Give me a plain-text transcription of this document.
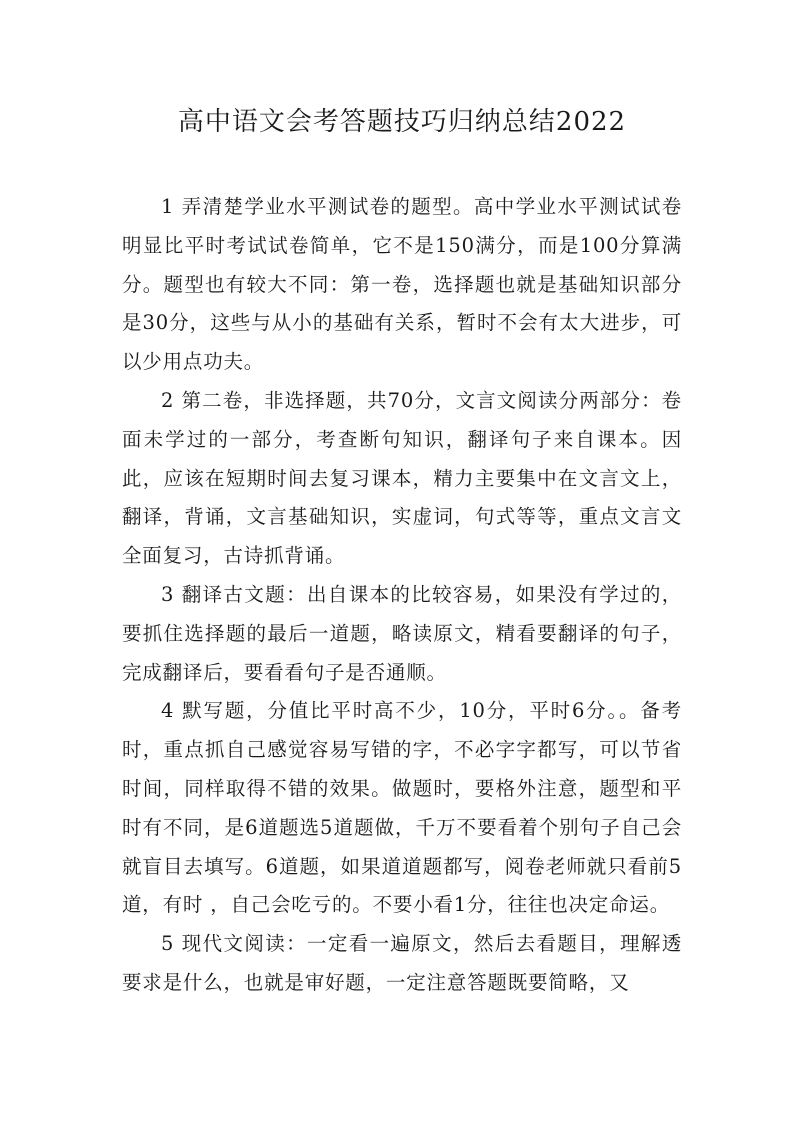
高中语文会考答题技巧归纳总结2022

1 弄清楚学业水平测试卷的题型。高中学业水平测试试卷明显比平时考试试卷简单，它不是150满分，而是100分算满分。题型也有较大不同：第一卷，选择题也就是基础知识部分是30分，这些与从小的基础有关系，暂时不会有太大进步，可以少用点功夫。

2 第二卷，非选择题，共70分，文言文阅读分两部分：卷面未学过的一部分，考查断句知识，翻译句子来自课本。因此，应该在短期时间去复习课本，精力主要集中在文言文上，翻译，背诵，文言基础知识，实虚词，句式等等，重点文言文全面复习，古诗抓背诵。

3 翻译古文题：出自课本的比较容易，如果没有学过的，要抓住选择题的最后一道题，略读原文，精看要翻译的句子，完成翻译后，要看看句子是否通顺。

4 默写题，分值比平时高不少，10分，平时6分。。备考时，重点抓自己感觉容易写错的字，不必字字都写，可以节省时间，同样取得不错的效果。做题时，要格外注意，题型和平时有不同，是6道题选5道题做，千万不要看着个别句子自己会就盲目去填写。6道题，如果道道题都写，阅卷老师就只看前5道，有时 ，自己会吃亏的。不要小看1分，往往也决定命运。

5 现代文阅读：一定看一遍原文，然后去看题目，理解透要求是什么，也就是审好题，一定注意答题既要简略，又
